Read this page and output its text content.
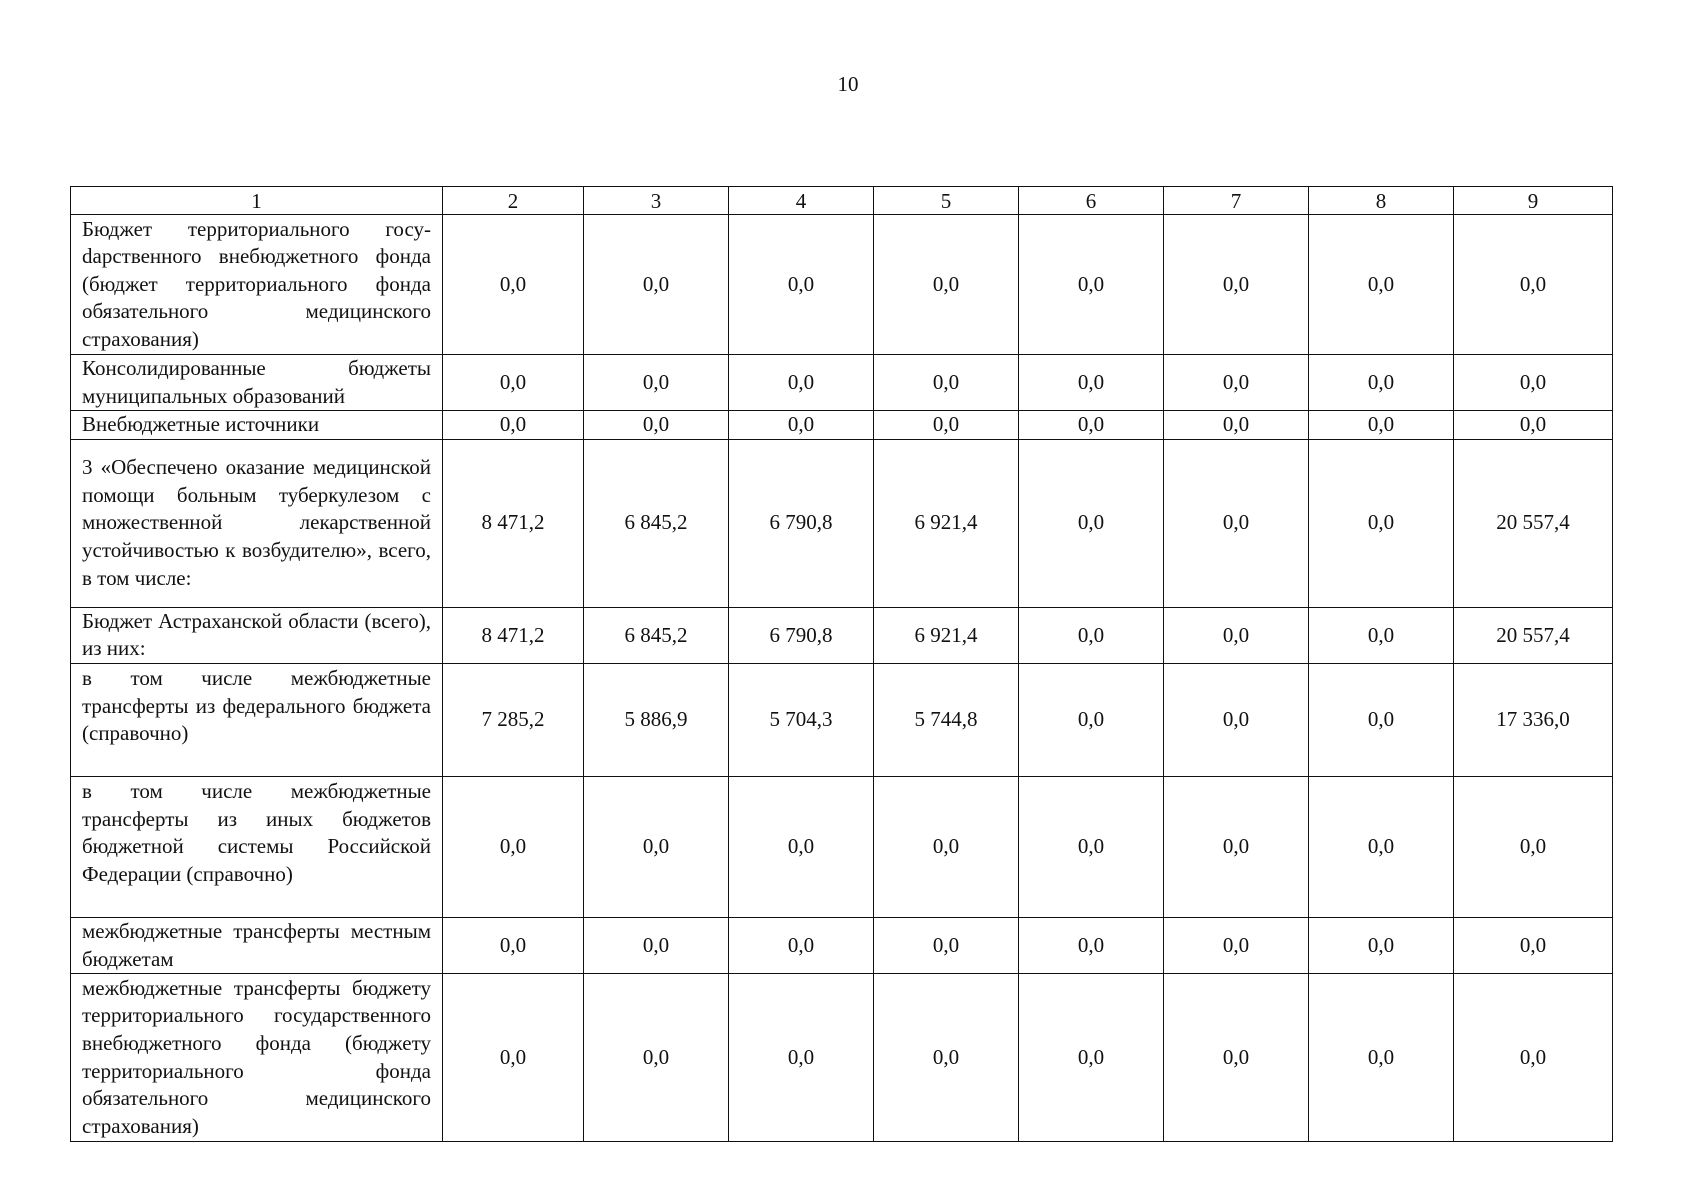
10
1	2	3	4	5	6	7	8	9
Бюджет территориального госуdарственного внебюджетного фонда (бюджет территориального фонда обязательного медицинского страхования)	0,0	0,0	0,0	0,0	0,0	0,0	0,0	0,0
Консолидированные бюджеты муниципальных образований	0,0	0,0	0,0	0,0	0,0	0,0	0,0	0,0
Внебюджетные источники	0,0	0,0	0,0	0,0	0,0	0,0	0,0	0,0
3 «Обеспечено оказание медицинской помощи больным туберкулезом с множественной лекарственной устойчивостью к возбудителю», всего, в том числе:	8 471,2	6 845,2	6 790,8	6 921,4	0,0	0,0	0,0	20 557,4
Бюджет Астраханской области (всего), из них:	8 471,2	6 845,2	6 790,8	6 921,4	0,0	0,0	0,0	20 557,4
в том числе межбюджетные трансферты из федерального бюджета (справочно)	7 285,2	5 886,9	5 704,3	5 744,8	0,0	0,0	0,0	17 336,0
в том числе межбюджетные трансферты из иных бюджетов бюджетной системы Российской Федерации (справочно)	0,0	0,0	0,0	0,0	0,0	0,0	0,0	0,0
межбюджетные трансферты местным бюджетам	0,0	0,0	0,0	0,0	0,0	0,0	0,0	0,0
межбюджетные трансферты бюджету территориального государственного внебюджетного фонда (бюджету территориального фонда обязательного медицинского страхования)	0,0	0,0	0,0	0,0	0,0	0,0	0,0	0,0
